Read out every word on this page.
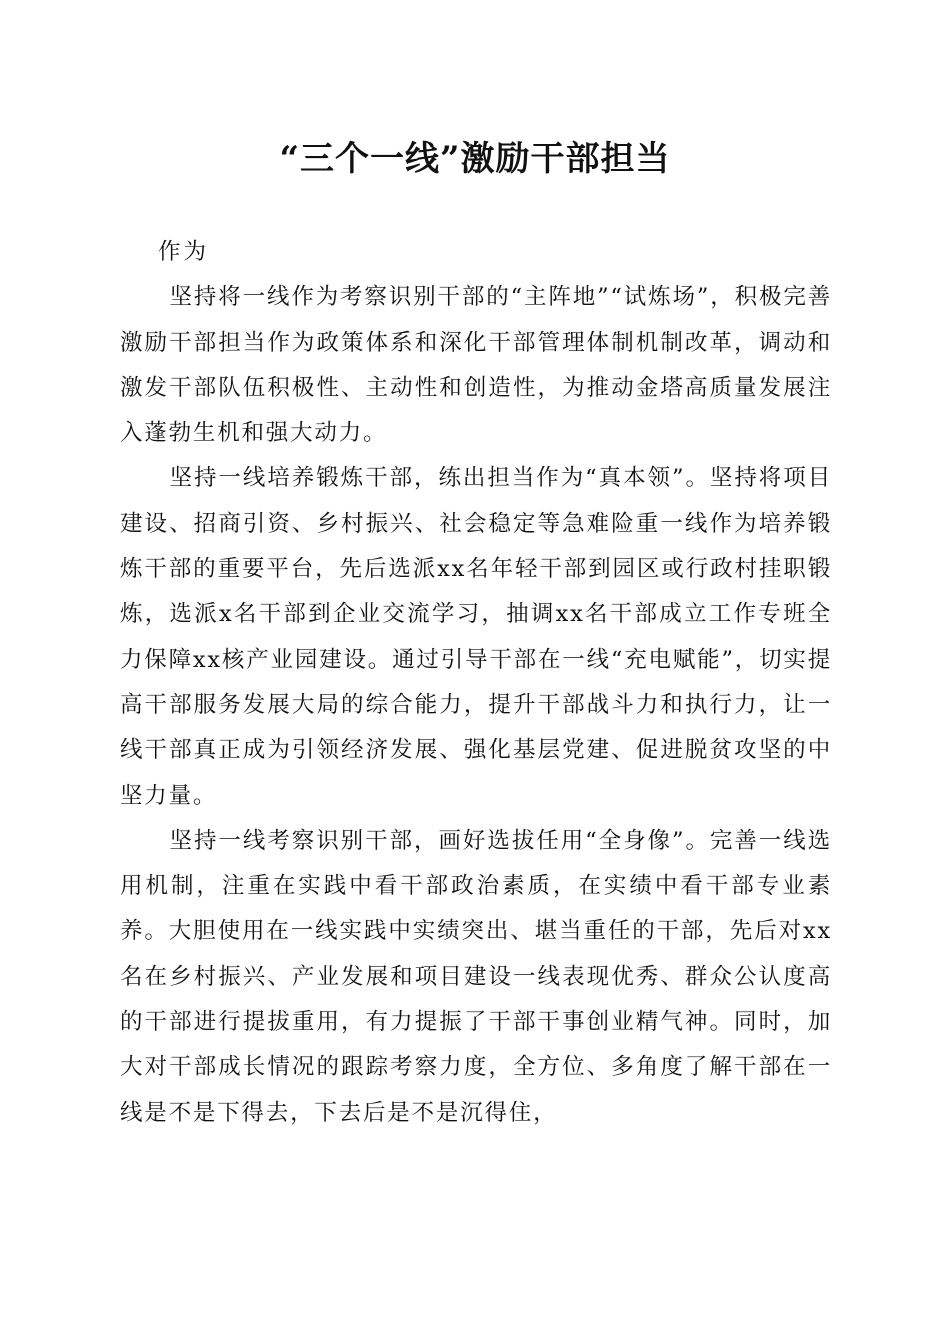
“三个一线”激励干部担当
作为

坚持将一线作为考察识别干部的“主阵地”“试炼场”，积极完善激励干部担当作为政策体系和深化干部管理体制机制改革，调动和激发干部队伍积极性、主动性和创造性，为推动金塔高质量发展注入蓬勃生机和强大动力。

坚持一线培养锻炼干部，练出担当作为“真本领”。坚持将项目建设、招商引资、乡村振兴、社会稳定等急难险重一线作为培养锻炼干部的重要平台，先后选派xx名年轻干部到园区或行政村挂职锻炼，选派x名干部到企业交流学习，抽调xx名干部成立工作专班全力保障xx核产业园建设。通过引导干部在一线“充电赋能”，切实提高干部服务发展大局的综合能力，提升干部战斗力和执行力，让一线干部真正成为引领经济发展、强化基层党建、促进脱贫攻坚的中坚力量。

坚持一线考察识别干部，画好选拔任用“全身像”。完善一线选用机制，注重在实践中看干部政治素质，在实绩中看干部专业素养。大胆使用在一线实践中实绩突出、堪当重任的干部，先后对xx名在乡村振兴、产业发展和项目建设一线表现优秀、群众公认度高的干部进行提拔重用，有力提振了干部干事创业精气神。同时，加大对干部成长情况的跟踪考察力度，全方位、多角度了解干部在一线是不是下得去，下去后是不是沉得住，
